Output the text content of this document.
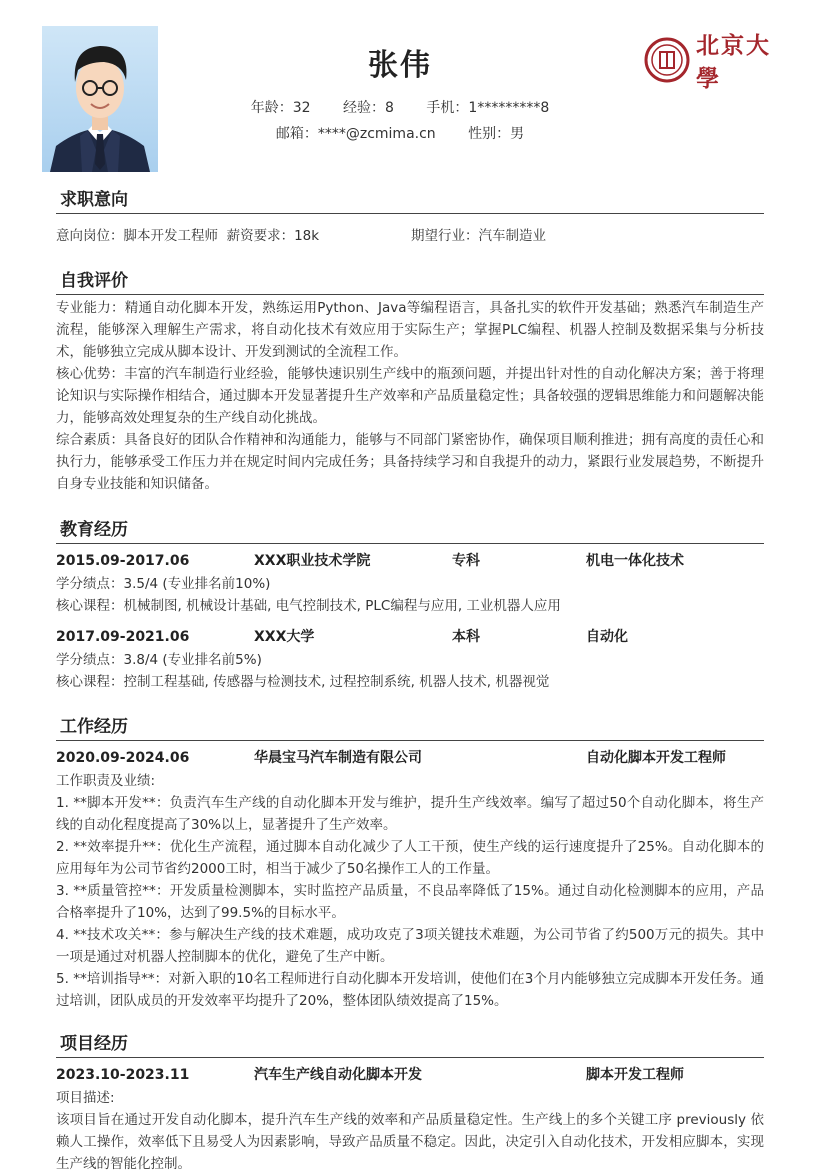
张伟
年龄：32 经验：8 手机：1*********8
邮箱：****@zcmima.cn 性别：男
北京大學
求职意向
意向岗位：脚本开发工程师 薪资要求：18k	期望行业：汽车制造业
自我评价
专业能力：精通自动化脚本开发，熟练运用Python、Java等编程语言，具备扎实的软件开发基础；熟悉汽车制造生产流程，能够深入理解生产需求，将自动化技术有效应用于实际生产；掌握PLC编程、机器人控制及数据采集与分析技术，能够独立完成从脚本设计、开发到测试的全流程工作。
核心优势：丰富的汽车制造行业经验，能够快速识别生产线中的瓶颈问题，并提出针对性的自动化解决方案；善于将理论知识与实际操作相结合，通过脚本开发显著提升生产效率和产品质量稳定性；具备较强的逻辑思维能力和问题解决能力，能够高效处理复杂的生产线自动化挑战。
综合素质：具备良好的团队合作精神和沟通能力，能够与不同部门紧密协作，确保项目顺利推进；拥有高度的责任心和执行力，能够承受工作压力并在规定时间内完成任务；具备持续学习和自我提升的动力，紧跟行业发展趋势，不断提升自身专业技能和知识储备。
教育经历
2015.09-2017.06	XXX职业技术学院	专科	机电一体化技术
学分绩点：3.5/4 (专业排名前10%)
核心课程：机械制图, 机械设计基础, 电气控制技术, PLC编程与应用, 工业机器人应用
2017.09-2021.06	XXX大学	本科	自动化
学分绩点：3.8/4 (专业排名前5%)
核心课程：控制工程基础, 传感器与检测技术, 过程控制系统, 机器人技术, 机器视觉
工作经历
2020.09-2024.06	华晨宝马汽车制造有限公司	自动化脚本开发工程师
工作职责及业绩:
1. **脚本开发**：负责汽车生产线的自动化脚本开发与维护，提升生产线效率。编写了超过50个自动化脚本，将生产线的自动化程度提高了30%以上，显著提升了生产效率。
2. **效率提升**：优化生产流程，通过脚本自动化减少了人工干预，使生产线的运行速度提升了25%。自动化脚本的应用每年为公司节省约2000工时，相当于减少了50名操作工人的工作量。
3. **质量管控**：开发质量检测脚本，实时监控产品质量，不良品率降低了15%。通过自动化检测脚本的应用，产品合格率提升了10%，达到了99.5%的目标水平。
4. **技术攻关**：参与解决生产线的技术难题，成功攻克了3项关键技术难题，为公司节省了约500万元的损失。其中一项是通过对机器人控制脚本的优化，避免了生产中断。
5. **培训指导**：对新入职的10名工程师进行自动化脚本开发培训，使他们在3个月内能够独立完成脚本开发任务。通过培训，团队成员的开发效率平均提升了20%，整体团队绩效提高了15%。
项目经历
2023.10-2023.11	汽车生产线自动化脚本开发	脚本开发工程师
项目描述:
该项目旨在通过开发自动化脚本，提升汽车生产线的效率和产品质量稳定性。生产线上的多个关键工序 previously 依赖人工操作，效率低下且易受人为因素影响，导致产品质量不稳定。因此，决定引入自动化技术，开发相应脚本，实现生产线的智能化控制。
